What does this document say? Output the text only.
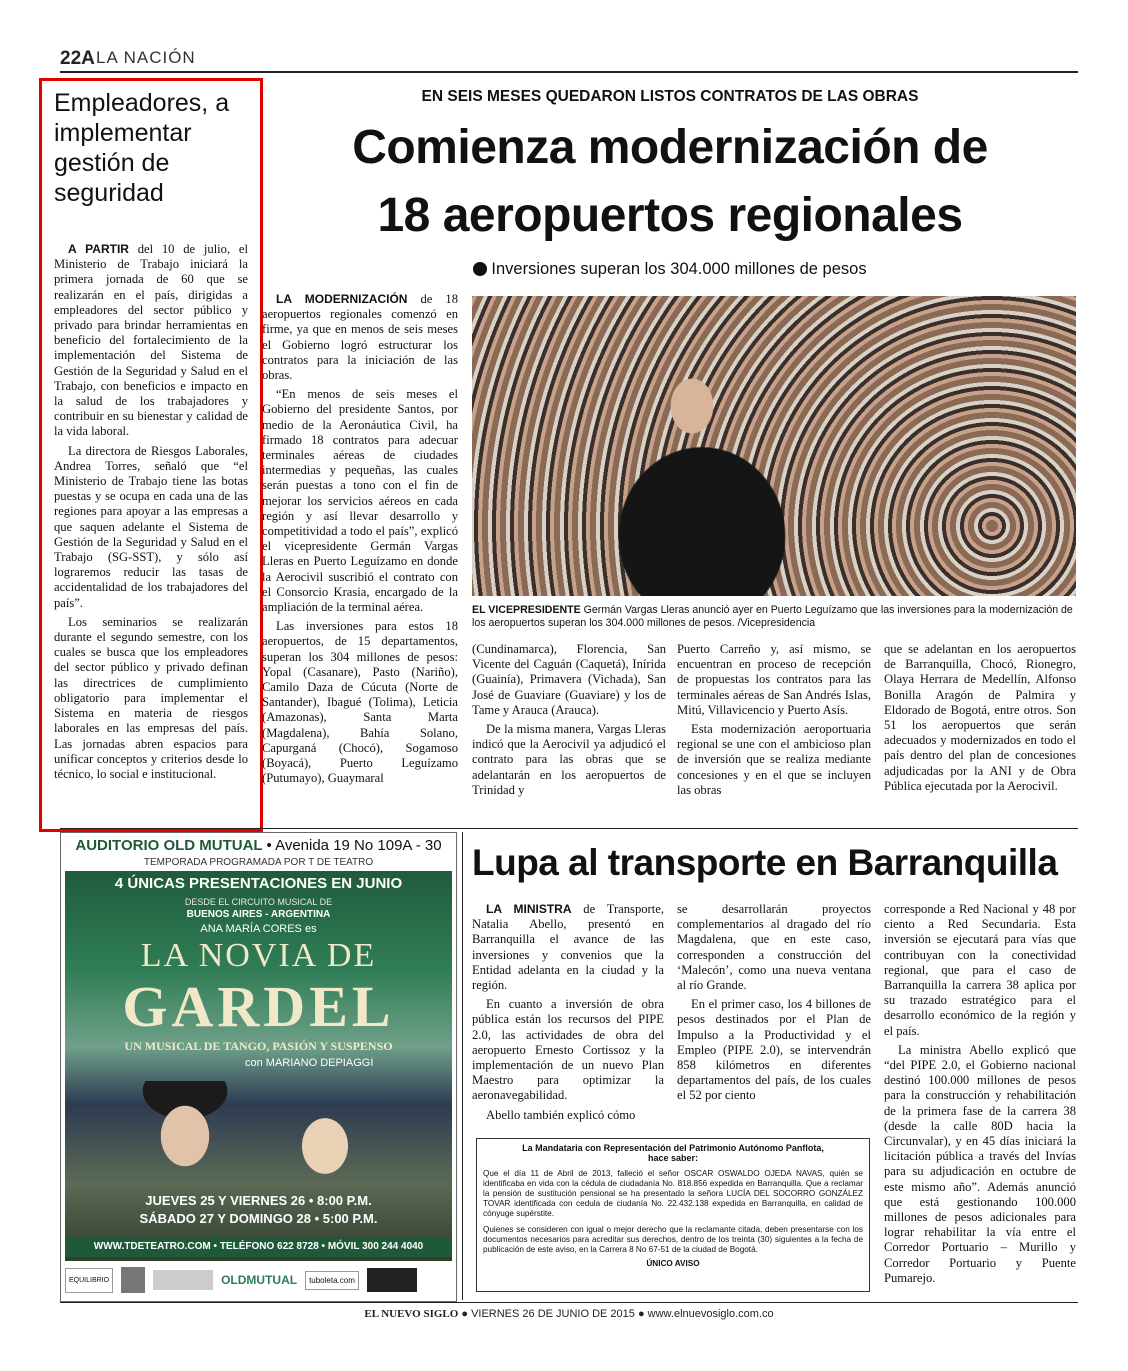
22A LA NACIÓN
Empleadores, a implementar gestión de seguridad

A PARTIR del 10 de julio, el Ministerio de Trabajo iniciará la primera jornada de 60 que se realizarán en el país, dirigidas a empleadores del sector público y privado para brindar herramientas en beneficio del fortalecimiento de la implementación del Sistema de Gestión de la Seguridad y Salud en el Trabajo, con beneficios e impacto en la salud de los trabajadores y contribuir en su bienestar y calidad de la vida laboral.

La directora de Riesgos Laborales, Andrea Torres, señaló que “el Ministerio de Trabajo tiene las botas puestas y se ocupa en cada una de las regiones para apoyar a las empresas a que saquen adelante el Sistema de Gestión de la Seguridad y Salud en el Trabajo (SG-SST), y sólo así lograremos reducir las tasas de accidentalidad de los trabajadores del país”.

Los seminarios se realizarán durante el segundo semestre, con los cuales se busca que los empleadores del sector público y privado definan las directrices de cumplimiento obligatorio para implementar el Sistema en materia de riesgos laborales en las empresas del país. Las jornadas abren espacios para unificar conceptos y criterios desde lo técnico, lo social e institucional.

EN SEIS MESES QUEDARON LISTOS CONTRATOS DE LAS OBRAS
Comienza modernización de
18 aeropuertos regionales
Inversiones superan los 304.000 millones de pesos

LA MODERNIZACIÓN de 18 aeropuertos regionales comenzó en firme, ya que en menos de seis meses el Gobierno logró estructurar los contratos para la iniciación de las obras.

“En menos de seis meses el Gobierno del presidente Santos, por medio de la Aeronáutica Civil, ha firmado 18 contratos para adecuar terminales aéreas de ciudades intermedias y pequeñas, las cuales serán puestas a tono con el fin de mejorar los servicios aéreos en cada región y así llevar desarrollo y competitividad a todo el país”, explicó el vicepresidente Germán Vargas Lleras en Puerto Leguízamo en donde la Aerocivil suscribió el contrato con el Consorcio Krasia, encargado de la ampliación de la terminal aérea.

Las inversiones para estos 18 aeropuertos, de 15 departamentos, superan los 304 millones de pesos: Yopal (Casanare), Pasto (Nariño), Camilo Daza de Cúcuta (Norte de Santander), Ibagué (Tolima), Leticia (Amazonas), Santa Marta (Magdalena), Bahía Solano, Capurganá (Chocó), Sogamoso (Boyacá), Puerto Leguízamo (Putumayo), Guaymaral

EL VICEPRESIDENTE Germán Vargas Lleras anunció ayer en Puerto Leguízamo que las inversiones para la modernización de los aeropuertos superan los 304.000 millones de pesos. /Vicepresidencia

(Cundinamarca), Florencia, San Vicente del Caguán (Caquetá), Inírida (Guainía), Primavera (Vichada), San José de Guaviare (Guaviare) y los de Tame y Arauca (Arauca).

De la misma manera, Vargas Lleras indicó que la Aerocivil ya adjudicó el contrato para las obras que se adelantarán en los aeropuertos de Trinidad y

Puerto Carreño y, así mismo, se encuentran en proceso de recepción de propuestas los contratos para las terminales aéreas de San Andrés Islas, Mitú, Villavicencio y Puerto Asís.

Esta modernización aeroportuaria regional se une con el ambicioso plan de inversión que se realiza mediante concesiones y en el que se incluyen las obras

que se adelantan en los aeropuertos de Barranquilla, Chocó, Rionegro, Olaya Herrara de Medellín, Alfonso Bonilla Aragón de Palmira y Eldorado de Bogotá, entre otros. Son 51 los aeropuertos que serán adecuados y modernizados en todo el país dentro del plan de concesiones adjudicadas por la ANI y de Obra Pública ejecutada por la Aerocivil.

AUDITORIO OLD MUTUAL • Avenida 19 No 109A - 30
TEMPORADA PROGRAMADA POR T DE TEATRO
4 ÚNICAS PRESENTACIONES EN JUNIO
DESDE EL CIRCUITO MUSICAL DE
BUENOS AIRES - ARGENTINA
ANA MARÍA CORES es
LA NOVIA DE
GARDEL
UN MUSICAL DE TANGO, PASIÓN Y SUSPENSO
con MARIANO DEPIAGGI
JUEVES 25 Y VIERNES 26 • 8:00 P.M.
SÁBADO 27 Y DOMINGO 28 • 5:00 P.M.
WWW.TDETEATRO.COM • TELÉFONO 622 8728 • MÓVIL 300 244 4040
EQUILIBRIO	OLDMUTUAL	tuboleta.com
Lupa al transporte en Barranquilla

LA MINISTRA de Transporte, Natalia Abello, presentó en Barranquilla el avance de las inversiones y convenios que la Entidad adelanta en la ciudad y la región.

En cuanto a inversión de obra pública están los recursos del PIPE 2.0, las actividades de obra del aeropuerto Ernesto Cortissoz y la implementación de un nuevo Plan Maestro para optimizar la aeronavegabilidad.

Abello también explicó cómo

se desarrollarán proyectos complementarios al dragado del río Magdalena, que en este caso, corresponden a construcción del ‘Malecón’, como una nueva ventana al río Grande.

En el primer caso, los 4 billones de pesos destinados por el Plan de Impulso a la Productividad y el Empleo (PIPE 2.0), se intervendrán 858 kilómetros en diferentes departamentos del país, de los cuales el 52 por ciento

corresponde a Red Nacional y 48 por ciento a Red Secundaria. Esta inversión se ejecutará para vías que contribuyan con la conectividad regional, que para el caso de Barranquilla la carrera 38 aplica por su trazado estratégico para el desarrollo económico de la región y el país.

La ministra Abello explicó que “del PIPE 2.0, el Gobierno nacional destinó 100.000 millones de pesos para la construcción y rehabilitación de la primera fase de la carrera 38 (desde la calle 80D hacia la Circunvalar), y en 45 días iniciará la licitación pública a través del Invías para su adjudicación en octubre de este mismo año”. Además anunció que está gestionando 100.000 millones de pesos adicionales para lograr rehabilitar la vía entre el Corredor Portuario – Murillo y Corredor Portuario y Puente Pumarejo.

La Mandataria con Representación del Patrimonio Autónomo Panflota,
hace saber:
Que el día 11 de Abril de 2013, falleció el señor OSCAR OSWALDO OJEDA NAVAS, quién se identificaba en vida con la cédula de ciudadanía No. 818.856 expedida en Barranquilla. Que a reclamar la pensión de sustitución pensional se ha presentado la señora LUCÍA DEL SOCORRO GONZÁLEZ TOVAR identificada con cedula de ciudanía No. 22.432.138 expedida en Barranquilla, en calidad de cónyuge supérstite.
Quienes se consideren con igual o mejor derecho que la reclamante citada, deben presentarse con los documentos necesarios para acreditar sus derechos, dentro de los treinta (30) siguientes a la fecha de publicación de este aviso, en la Carrera 8 No 67-51 de la ciudad de Bogotá.
ÚNICO AVISO
EL NUEVO SIGLO ● VIERNES 26 DE JUNIO DE 2015 ● www.elnuevosiglo.com.co
